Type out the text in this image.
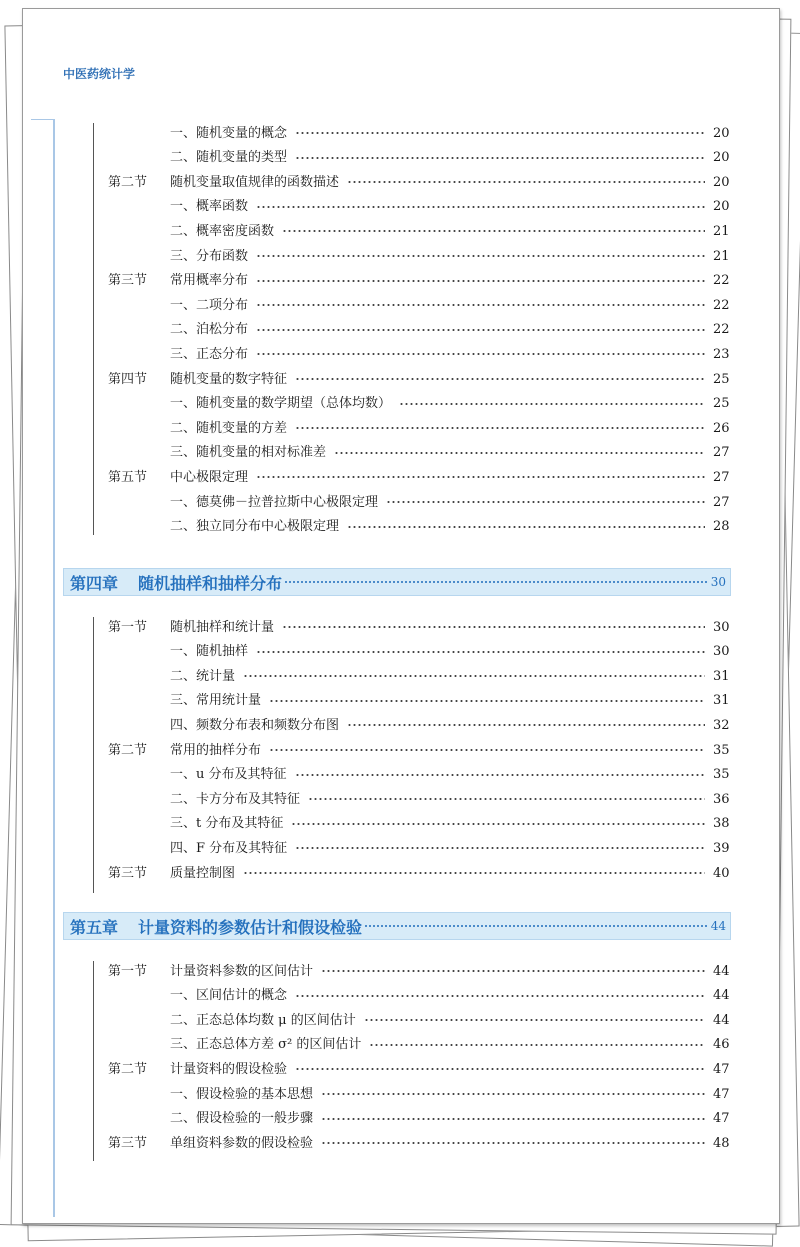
中医药统计学

一、随机变量的概念	20
二、随机变量的类型	20
第二节	随机变量取值规律的函数描述	20
一、概率函数	20
二、概率密度函数	21
三、分布函数	21
第三节	常用概率分布	22
一、二项分布	22
二、泊松分布	22
三、正态分布	23
第四节	随机变量的数字特征	25
一、随机变量的数学期望（总体均数）	25
二、随机变量的方差	26
三、随机变量的相对标准差	27
第五节	中心极限定理	27
一、德莫佛－拉普拉斯中心极限定理	27
二、独立同分布中心极限定理	28
第四章 随机抽样和抽样分布	30
第一节	随机抽样和统计量	30
一、随机抽样	30
二、统计量	31
三、常用统计量	31
四、频数分布表和频数分布图	32
第二节	常用的抽样分布	35
一、u 分布及其特征	35
二、卡方分布及其特征	36
三、t 分布及其特征	38
四、F 分布及其特征	39
第三节	质量控制图	40
第五章 计量资料的参数估计和假设检验	44
第一节	计量资料参数的区间估计	44
一、区间估计的概念	44
二、正态总体均数 μ 的区间估计	44
三、正态总体方差 σ² 的区间估计	46
第二节	计量资料的假设检验	47
一、假设检验的基本思想	47
二、假设检验的一般步骤	47
第三节	单组资料参数的假设检验	48
